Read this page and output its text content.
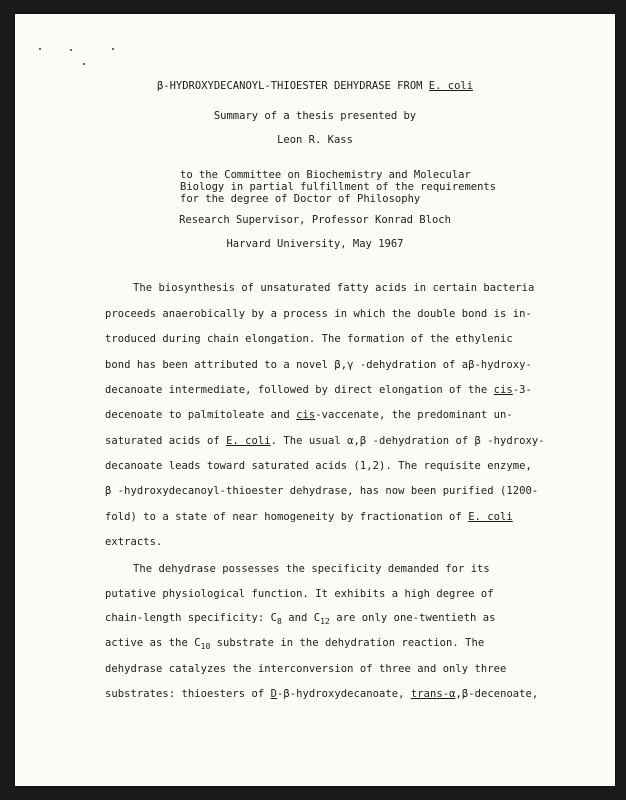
β-HYDROXYDECANOYL-THIOESTER DEHYDRASE FROM E. coli
Summary of a thesis presented by
Leon R. Kass
to the Committee on Biochemistry and Molecular
Biology in partial fulfillment of the requirements
for the degree of Doctor of Philosophy
Research Supervisor, Professor Konrad Bloch
Harvard University, May 1967
The biosynthesis of unsaturated fatty acids in certain bacteria
proceeds anaerobically by a process in which the double bond is in-
troduced during chain elongation. The formation of the ethylenic
bond has been attributed to a novel β,γ -dehydration of aβ-hydroxy-
decanoate intermediate, followed by direct elongation of the cis-3-
decenoate to palmitoleate and cis-vaccenate, the predominant un-
saturated acids of E. coli. The usual α,β -dehydration of β -hydroxy-
decanoate leads toward saturated acids (1,2). The requisite enzyme,
β -hydroxydecanoyl-thioester dehydrase, has now been purified (1200-
fold) to a state of near homogeneity by fractionation of E. coli
extracts.
The dehydrase possesses the specificity demanded for its
putative physiological function. It exhibits a high degree of
chain-length specificity: $C_8$ and $C_{12}$ are only one-twentieth as
active as the $C_{10}$ substrate in the dehydration reaction. The
dehydrase catalyzes the interconversion of three and only three
substrates: thioesters of D-β-hydroxydecanoate, trans-α,β-decenoate,
